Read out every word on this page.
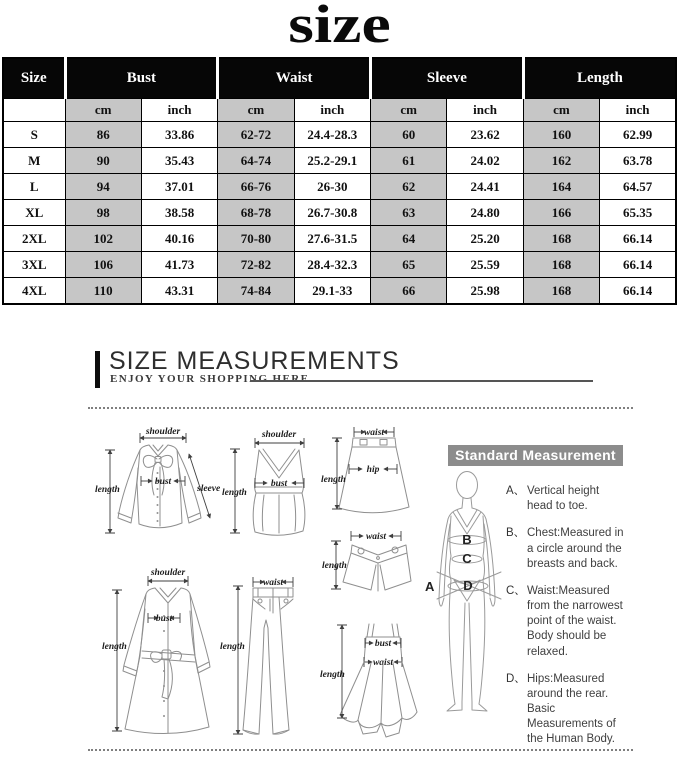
size
Size	Bust		Waist		Sleeve		Length	
	cm	inch	cm	inch	cm	inch	cm	inch
S	86	33.86	62-72	24.4-28.3	60	23.62	160	62.99
M	90	35.43	64-74	25.2-29.1	61	24.02	162	63.78
L	94	37.01	66-76	26-30	62	24.41	164	64.57
XL	98	38.58	68-78	26.7-30.8	63	24.80	166	65.35
2XL	102	40.16	70-80	27.6-31.5	64	25.20	168	66.14
3XL	106	41.73	72-82	28.4-32.3	65	25.59	168	66.14
4XL	110	43.31	74-84	29.1-33	66	25.98	168	66.14
SIZE MEASUREMENTS
ENJOY YOUR SHOPPING HERE
shoulder
length
bust
sleeve
shoulder
length
bust
waist
hip
length
waist
length
shoulder
bust
length
waist
length	bust
waist
length
A
B
C
D
Standard Measurement
A、 Vertical height head to toe.
B、 Chest:Measured in a circle around the breasts and back.
C、 Waist:Measured from the narrowest point of the waist. Body should be relaxed.
D、 Hips:Measured around the rear. Basic Measurements of the Human Body.
